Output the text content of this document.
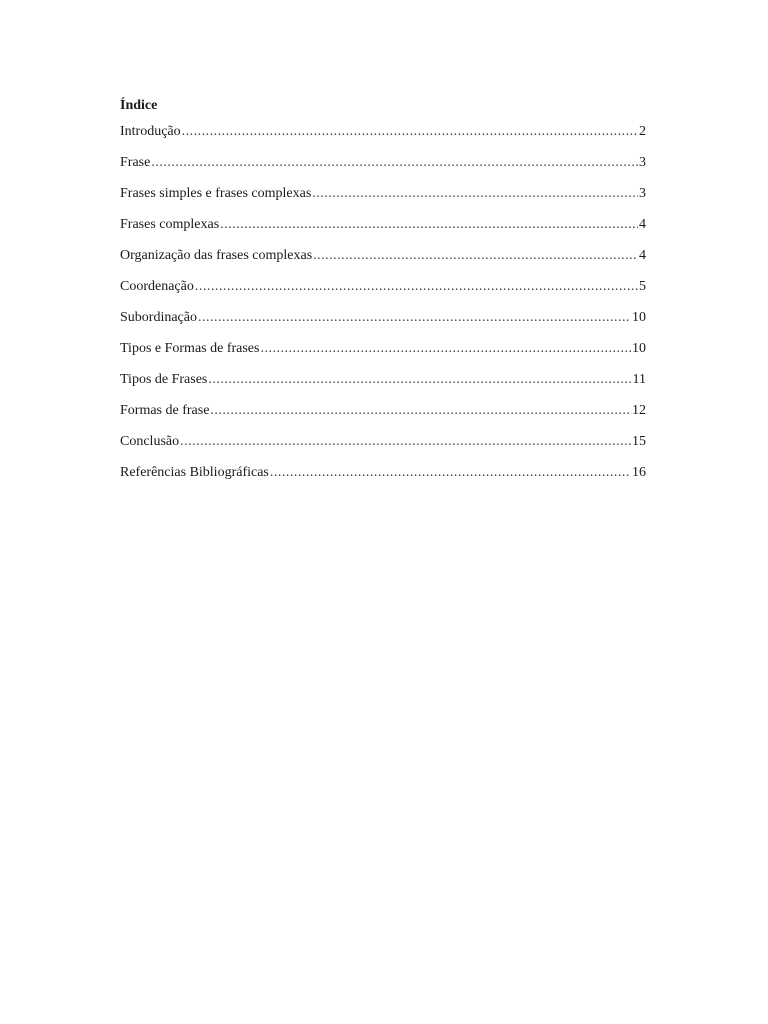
Índice
Introdução .....	2
Frase .....	3
Frases simples e frases complexas .....	3
Frases complexas .....	4
Organização das frases complexas .....	4
Coordenação .....	5
Subordinação .....	10
Tipos e Formas de frases .....	10
Tipos de Frases .....	11
Formas de frase .....	12
Conclusão .....	15
Referências Bibliográficas .....	16
